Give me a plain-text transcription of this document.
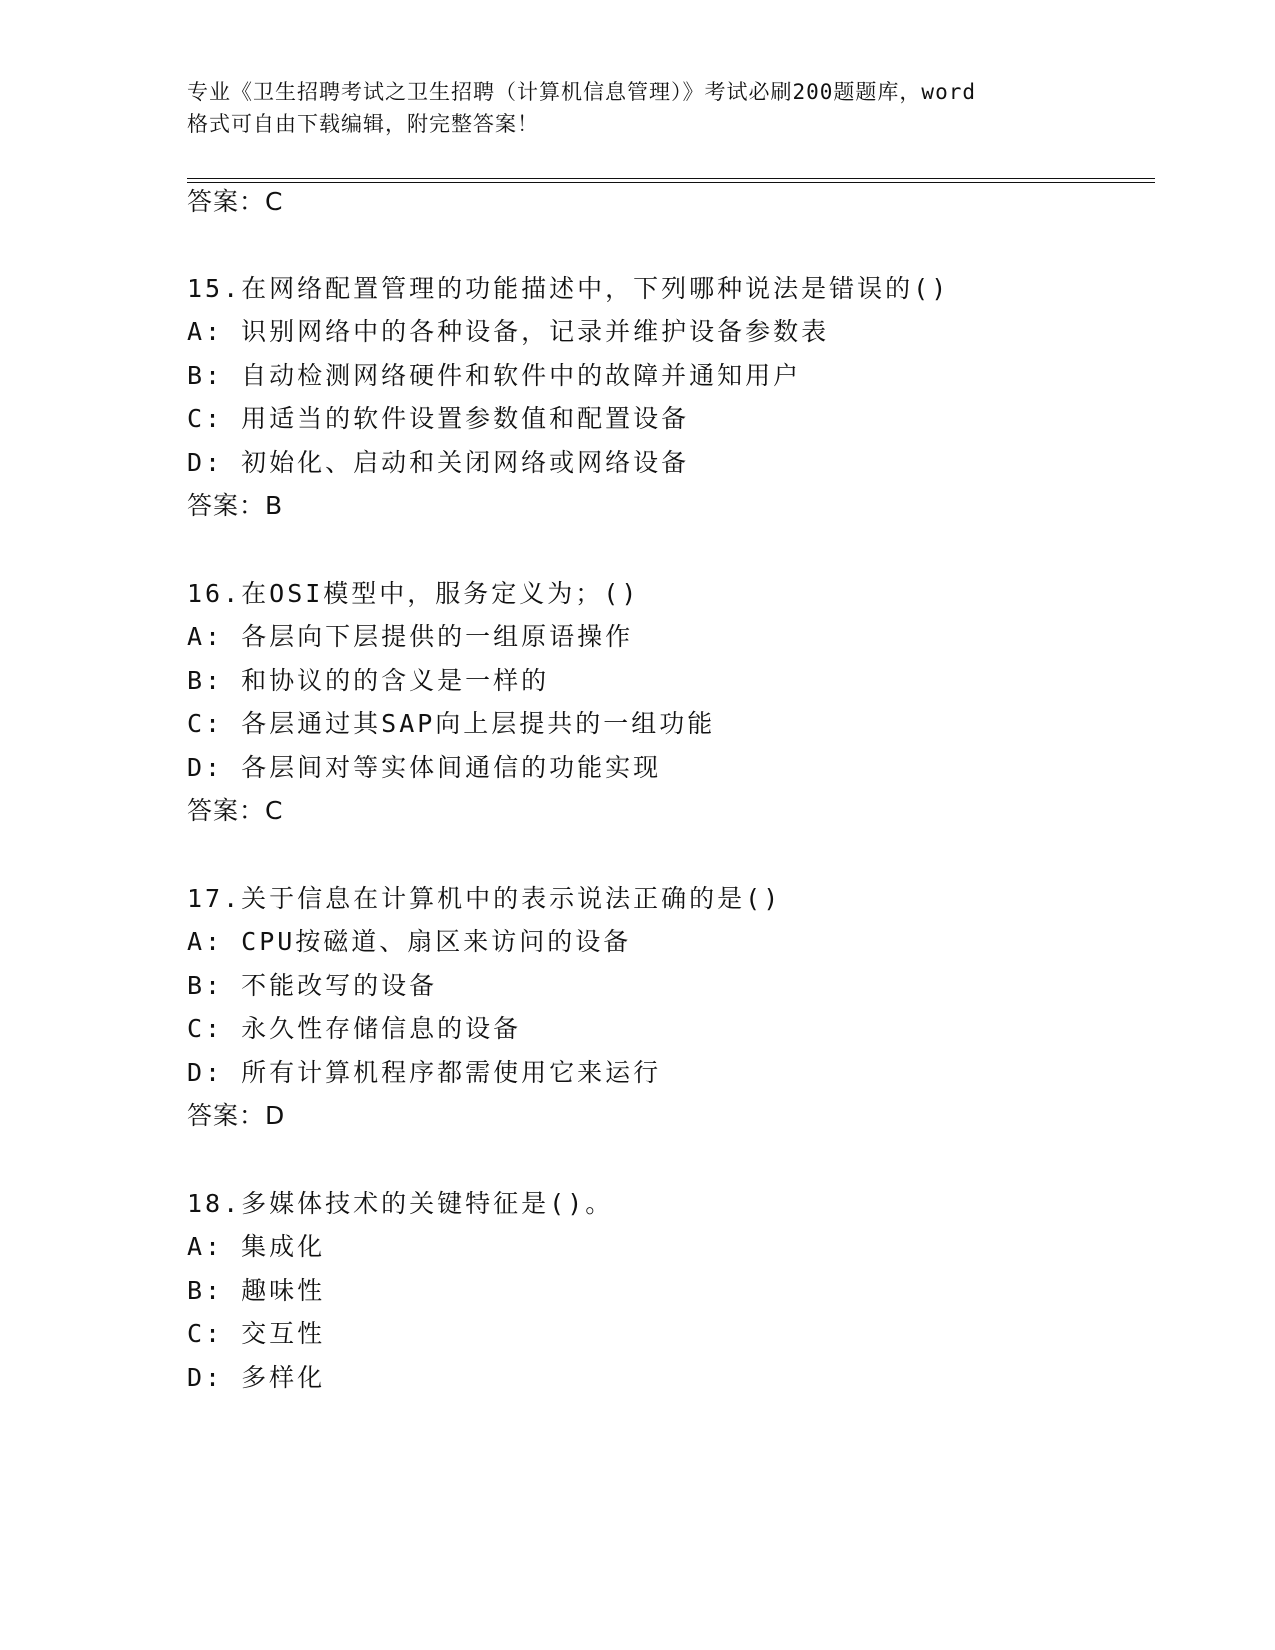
专业《卫生招聘考试之卫生招聘（计算机信息管理）》考试必刷200题题库，word
格式可自由下载编辑，附完整答案！
答案：C
15.在网络配置管理的功能描述中，下列哪种说法是错误的()
A: 识别网络中的各种设备，记录并维护设备参数表
B: 自动检测网络硬件和软件中的故障并通知用户
C: 用适当的软件设置参数值和配置设备
D: 初始化、启动和关闭网络或网络设备
答案：B
16.在OSI模型中，服务定义为；()
A: 各层向下层提供的一组原语操作
B: 和协议的的含义是一样的
C: 各层通过其SAP向上层提共的一组功能
D: 各层间对等实体间通信的功能实现
答案：C
17.关于信息在计算机中的表示说法正确的是()
A: CPU按磁道、扇区来访问的设备
B: 不能改写的设备
C: 永久性存储信息的设备
D: 所有计算机程序都需使用它来运行
答案：D
18.多媒体技术的关键特征是()。
A: 集成化
B: 趣味性
C: 交互性
D: 多样化
